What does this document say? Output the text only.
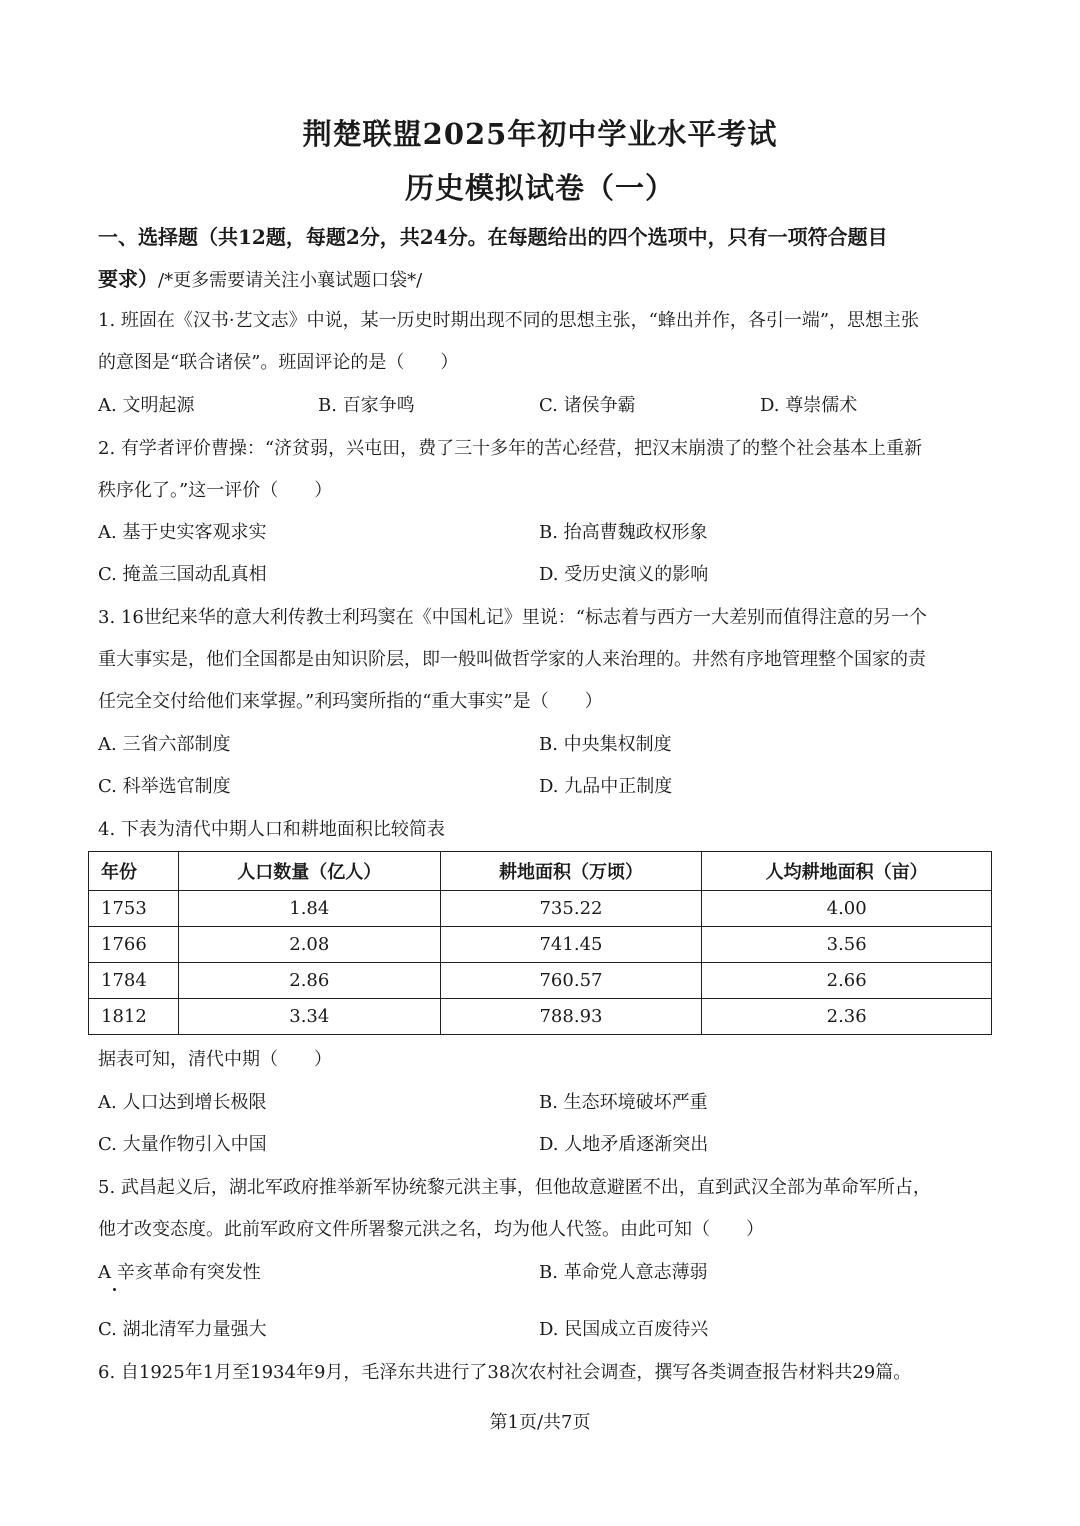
荆楚联盟2025年初中学业水平考试
历史模拟试卷（一）
一、选择题（共12题，每题2分，共24分。在每题给出的四个选项中，只有一项符合题目
要求）/*更多需要请关注小襄试题口袋*/
1. 班固在《汉书·艺文志》中说，某一历史时期出现不同的思想主张，“蜂出并作，各引一端”，思想主张
的意图是“联合诸侯”。班固评论的是（　　）
A. 文明起源	B. 百家争鸣	C. 诸侯争霸	D. 尊崇儒术
2. 有学者评价曹操：“济贫弱，兴屯田，费了三十多年的苦心经营，把汉末崩溃了的整个社会基本上重新
秩序化了。”这一评价（　　）
A. 基于史实客观求实	B. 抬高曹魏政权形象
C. 掩盖三国动乱真相	D. 受历史演义的影响
3. 16世纪来华的意大利传教士利玛窦在《中国札记》里说：“标志着与西方一大差别而值得注意的另一个
重大事实是，他们全国都是由知识阶层，即一般叫做哲学家的人来治理的。井然有序地管理整个国家的责
任完全交付给他们来掌握。”利玛窦所指的“重大事实”是（　　）
A. 三省六部制度	B. 中央集权制度
C. 科举选官制度	D. 九品中正制度
4. 下表为清代中期人口和耕地面积比较简表
年份	人口数量（亿人）	耕地面积（万顷）	人均耕地面积（亩）
1753	1.84	735.22	4.00
1766	2.08	741.45	3.56
1784	2.86	760.57	2.66
1812	3.34	788.93	2.36
据表可知，清代中期（　　）
A. 人口达到增长极限	B. 生态环境破坏严重
C. 大量作物引入中国	D. 人地矛盾逐渐突出
5. 武昌起义后，湖北军政府推举新军协统黎元洪主事，但他故意避匿不出，直到武汉全部为革命军所占，
他才改变态度。此前军政府文件所署黎元洪之名，均为他人代签。由此可知（　　）
A 辛亥革命有突发性	B. 革命党人意志薄弱
C. 湖北清军力量强大	D. 民国成立百废待兴
6. 自1925年1月至1934年9月，毛泽东共进行了38次农村社会调查，撰写各类调查报告材料共29篇。
第1页/共7页
